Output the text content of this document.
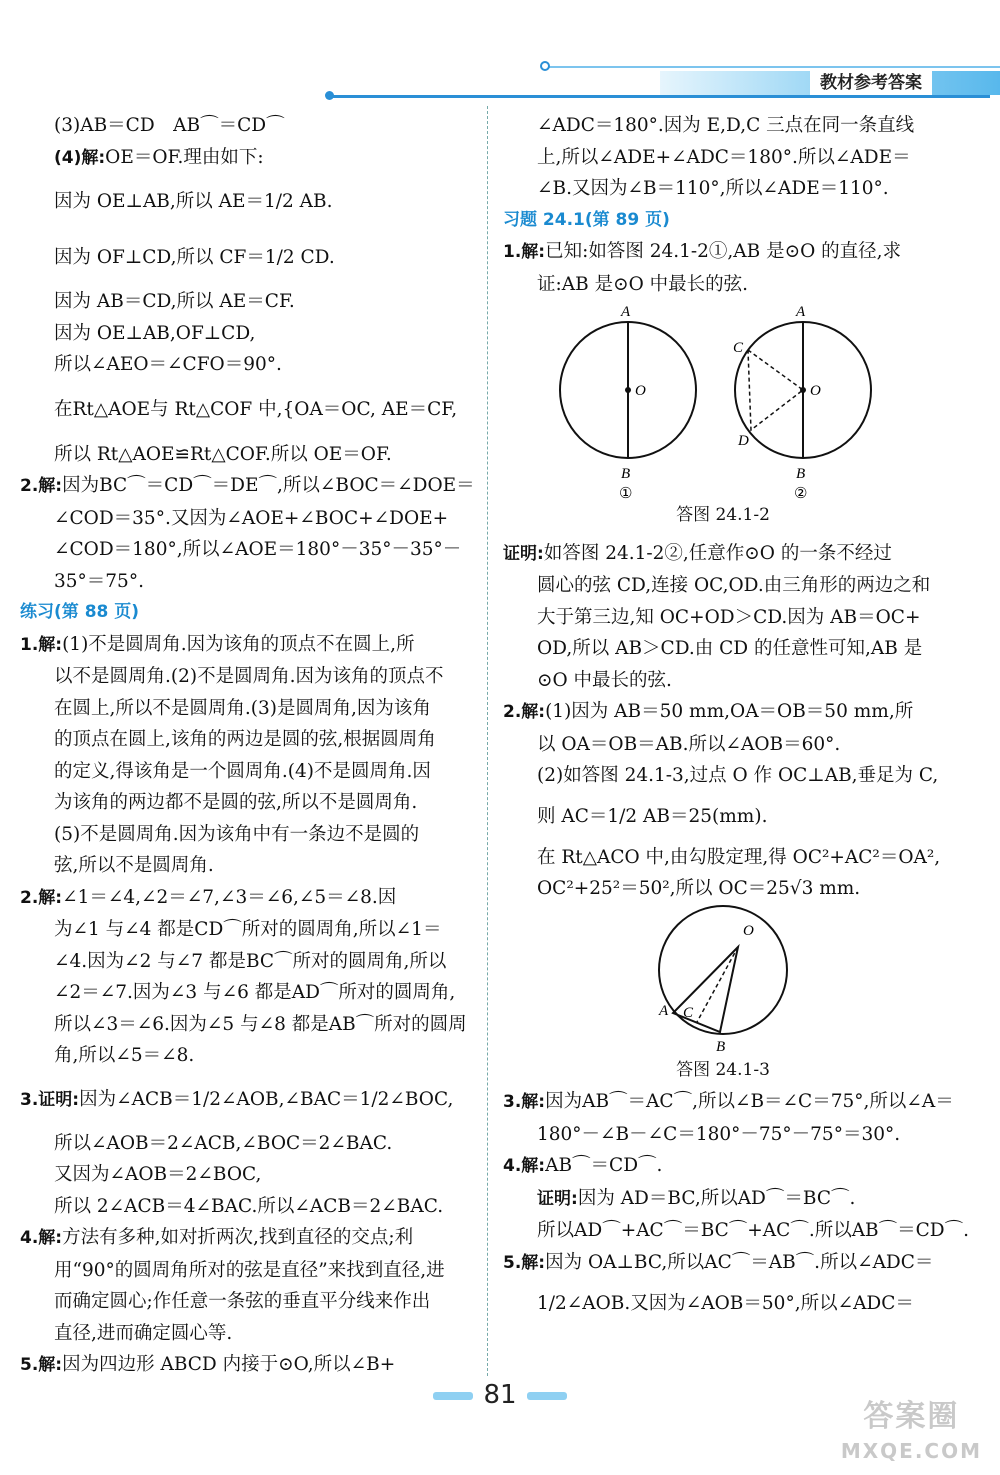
教材参考答案
(3)AB＝CD　AB⌒＝CD⌒
(4)解:OE＝OF.理由如下:
因为 OE⊥AB,所以 AE＝1/2 AB.
因为 OF⊥CD,所以 CF＝1/2 CD.
因为 AB＝CD,所以 AE＝CF.
因为 OE⊥AB,OF⊥CD,
所以∠AEO＝∠CFO＝90°.
在Rt△AOE与 Rt△COF 中,{OA＝OC, AE＝CF,
所以 Rt△AOE≌Rt△COF.所以 OE＝OF.
2.解:因为BC⌒＝CD⌒＝DE⌒,所以∠BOC＝∠DOE＝
∠COD＝35°.又因为∠AOE+∠BOC+∠DOE+
∠COD＝180°,所以∠AOE＝180°－35°－35°－
35°＝75°.
练习(第 88 页)
1.解:(1)不是圆周角.因为该角的顶点不在圆上,所
以不是圆周角.(2)不是圆周角.因为该角的顶点不
在圆上,所以不是圆周角.(3)是圆周角,因为该角
的顶点在圆上,该角的两边是圆的弦,根据圆周角
的定义,得该角是一个圆周角.(4)不是圆周角.因
为该角的两边都不是圆的弦,所以不是圆周角.
(5)不是圆周角.因为该角中有一条边不是圆的
弦,所以不是圆周角.
2.解:∠1＝∠4,∠2＝∠7,∠3＝∠6,∠5＝∠8.因
为∠1 与∠4 都是CD⌒所对的圆周角,所以∠1＝
∠4.因为∠2 与∠7 都是BC⌒所对的圆周角,所以
∠2＝∠7.因为∠3 与∠6 都是AD⌒所对的圆周角,
所以∠3＝∠6.因为∠5 与∠8 都是AB⌒所对的圆周
角,所以∠5＝∠8.
3.证明:因为∠ACB＝1/2∠AOB,∠BAC＝1/2∠BOC,
所以∠AOB＝2∠ACB,∠BOC＝2∠BAC.
又因为∠AOB＝2∠BOC,
所以 2∠ACB＝4∠BAC.所以∠ACB＝2∠BAC.
4.解:方法有多种,如对折两次,找到直径的交点;利
用“90°的圆周角所对的弦是直径”来找到直径,进
而确定圆心;作任意一条弦的垂直平分线来作出
直径,进而确定圆心等.
5.解:因为四边形 ABCD 内接于⊙O,所以∠B+
∠ADC＝180°.因为 E,D,C 三点在同一条直线
上,所以∠ADE+∠ADC＝180°.所以∠ADE＝
∠B.又因为∠B＝110°,所以∠ADE＝110°.
习题 24.1(第 89 页)
1.解:已知:如答图 24.1-2①,AB 是⊙O 的直径,求
证:AB 是⊙O 中最长的弦.
A
O
B
A
C
O
D
B
①	②
答图 24.1-2
证明:如答图 24.1-2②,任意作⊙O 的一条不经过
圆心的弦 CD,连接 OC,OD.由三角形的两边之和
大于第三边,知 OC+OD＞CD.因为 AB＝OC+
OD,所以 AB＞CD.由 CD 的任意性可知,AB 是
⊙O 中最长的弦.
2.解:(1)因为 AB＝50 mm,OA＝OB＝50 mm,所
以 OA＝OB＝AB.所以∠AOB＝60°.
(2)如答图 24.1-3,过点 O 作 OC⊥AB,垂足为 C,
则 AC＝1/2 AB＝25(mm).
在 Rt△ACO 中,由勾股定理,得 OC²+AC²＝OA²,
OC²+25²＝50²,所以 OC＝25√3 mm.
O
A C
B
答图 24.1-3
3.解:因为AB⌒＝AC⌒,所以∠B＝∠C＝75°,所以∠A＝
180°－∠B－∠C＝180°－75°－75°＝30°.
4.解:AB⌒＝CD⌒.
证明:因为 AD＝BC,所以AD⌒＝BC⌒.
所以AD⌒+AC⌒＝BC⌒+AC⌒.所以AB⌒＝CD⌒.
5.解:因为 OA⊥BC,所以AC⌒＝AB⌒.所以∠ADC＝
1/2∠AOB.又因为∠AOB＝50°,所以∠ADC＝
81
答案圈
MXQE.COM
